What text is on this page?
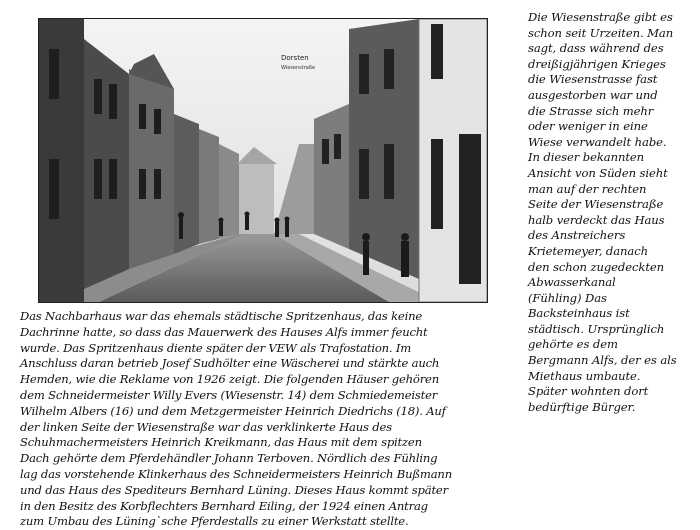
Dorsten
Wiesenstraße
Die Wiesenstraße gibt es
schon seit Urzeiten. Man
sagt, dass während des
dreißigjährigen Krieges
die Wiesenstrasse fast
ausgestorben war und
die Strasse sich mehr
oder weniger in eine
Wiese verwandelt habe.
In dieser bekannten
Ansicht von Süden sieht
man auf der rechten
Seite der Wiesenstraße
halb verdeckt das Haus
des Anstreichers
Krietemeyer, danach
den schon zugedeckten
Abwasserkanal
(Fühling) Das
Backsteinhaus ist
städtisch. Ursprünglich
gehörte es dem
Bergmann Alfs, der es als
Miethaus umbaute.
Später wohnten dort
bedürftige Bürger.
Das Nachbarhaus war das ehemals städtische Spritzenhaus, das keine
Dachrinne hatte, so dass das Mauerwerk des Hauses Alfs immer feucht
wurde. Das Spritzenhaus diente später der VEW als Trafostation. Im
Anschluss daran betrieb Josef Sudhölter eine Wäscherei und stärkte auch
Hemden, wie die Reklame von 1926 zeigt. Die folgenden Häuser gehören
dem Schneidermeister Willy Evers (Wiesenstr. 14) dem Schmiedemeister
Wilhelm Albers (16) und dem Metzgermeister Heinrich Diedrichs (18). Auf
der linken Seite der Wiesenstraße war das verklinkerte Haus des
Schuhmachermeisters Heinrich Kreikmann, das Haus mit dem spitzen
Dach gehörte dem Pferdehändler Johann Terboven. Nördlich des Fühling
lag das vorstehende Klinkerhaus des Schneidermeisters Heinrich Bußmann
und das Haus des Spediteurs Bernhard Lüning. Dieses Haus kommt später
in den Besitz des Korbflechters Bernhard Eiling, der 1924 einen Antrag
zum Umbau des Lüning`sche Pferdestalls zu einer Werkstatt stellte.
